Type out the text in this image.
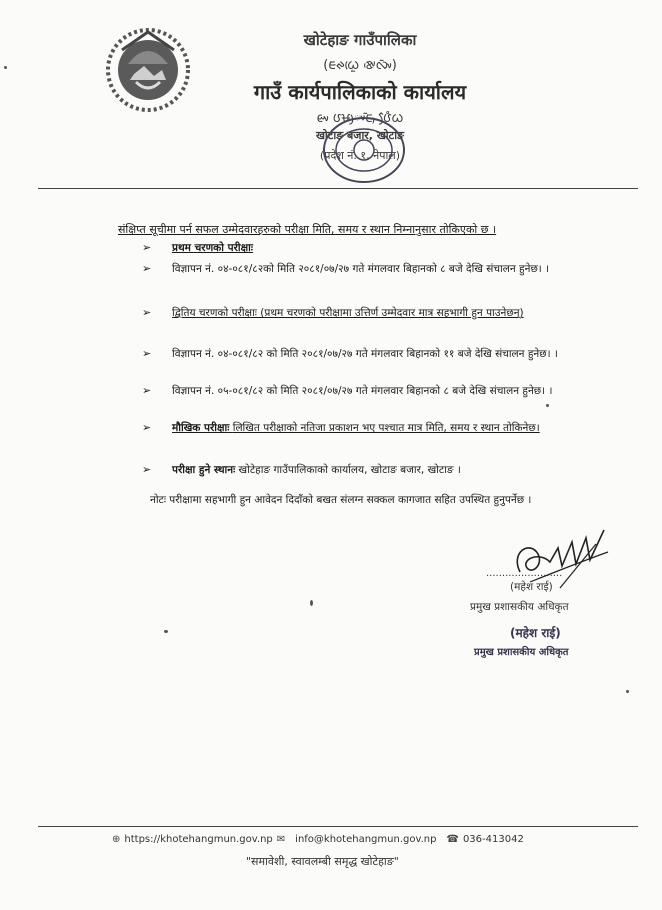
खोटेहाङ गाउँपालिका
(ᰀᰊᰃᰨᰬ ᰣᰤᰵᰜᰤᰶ)
गाउँ कार्यपालिकाको कार्यालय
ᰡᰤ ᰂᰝᰪᰤᰶᰀᰥ ᰂᰧᰱᰃ
खोटाङ बजार, खोटाङ
(प्रदेश नं. १, नेपाल)
संक्षिप्त सूचीमा पर्न सफल उम्मेदवारहरुको परीक्षा मिति, समय र स्थान निम्नानुसार तोकिएको छ ।
➢	प्रथम चरणको परीक्षाः
➢	विज्ञापन नं. ०४-०८१/८२को मिति २०८१/०७/२७ गते मंगलवार बिहानको ८ बजे देखि संचालन हुनेछ। ।
➢	द्वितिय चरणको परीक्षाः (प्रथम चरणको परीक्षामा उत्तिर्ण उम्मेदवार मात्र सहभागी हुन पाउनेछन्)
➢	विज्ञापन नं. ०४-०८१/८२ को मिति २०८१/०७/२७ गते मंगलवार बिहानको ११ बजे देखि संचालन हुनेछ। ।
➢	विज्ञापन नं. ०५-०८१/८२ को मिति २०८१/०७/२७ गते मंगलवार बिहानको ८ बजे देखि संचालन हुनेछ। ।
➢	मौखिक परीक्षाः लिखित परीक्षाको नतिजा प्रकाशन भए पश्चात मात्र मिति, समय र स्थान तोकिनेछ।
➢	परीक्षा हुने स्थानः खोटेहाङ गाउँपालिकाको कार्यालय, खोटाङ बजार, खोटाङ ।
नोटः परीक्षामा सहभागी हुन आवेदन दिदाँको बखत संलग्न सक्कल कागजात सहित उपस्थित हुनुपर्नेछ ।
........................
(महेश राई)
प्रमुख प्रशासकीय अधिकृत
(महेश राई)
प्रमुख प्रशासकीय अधिकृत
⊕ https://khotehangmun.gov.np ✉ info@khotehangmun.gov.np ☎ 036-413042
"समावेशी, स्वावलम्बी समृद्ध खोटेहाङ"
